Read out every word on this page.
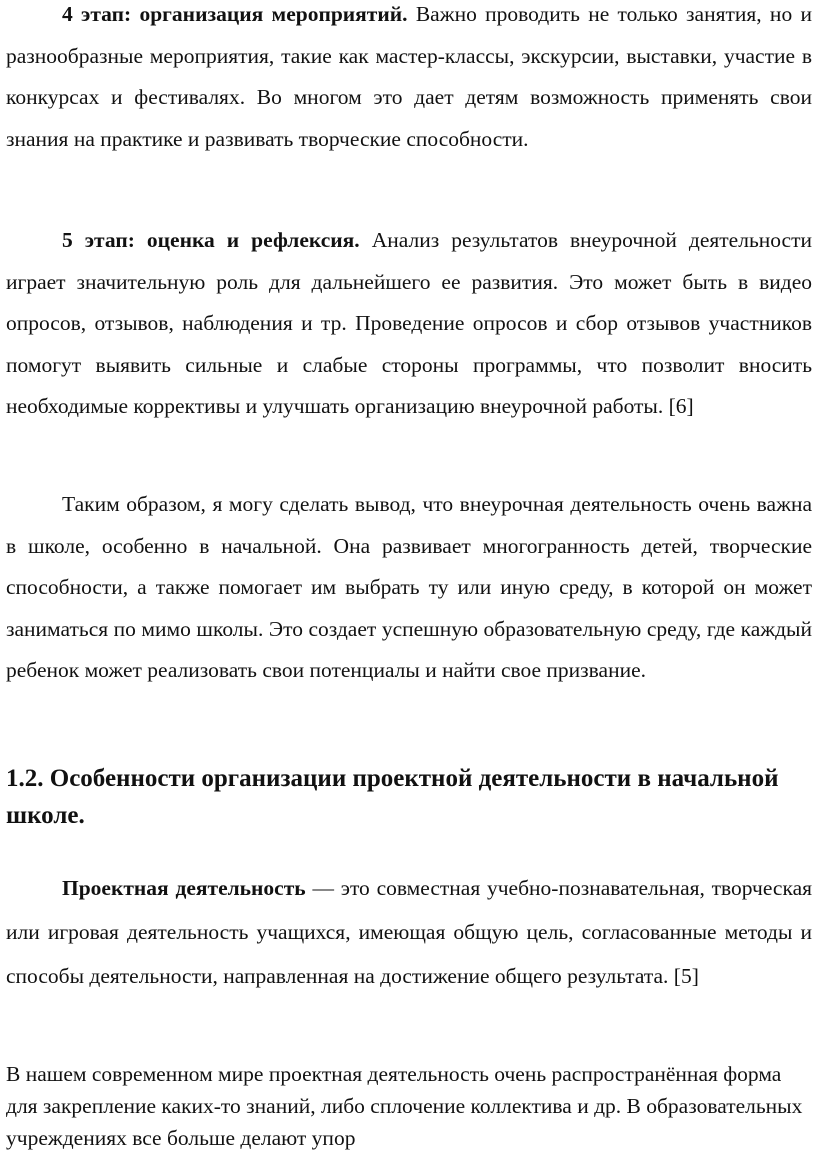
4 этап: организация мероприятий. Важно проводить не только занятия, но и разнообразные мероприятия, такие как мастер-классы, экскурсии, выставки, участие в конкурсах и фестивалях. Во многом это дает детям возможность применять свои знания на практике и развивать творческие способности.

5 этап: оценка и рефлексия. Анализ результатов внеурочной деятельности играет значительную роль для дальнейшего ее развития. Это может быть в видео опросов, отзывов, наблюдения и тр. Проведение опросов и сбор отзывов участников помогут выявить сильные и слабые стороны программы, что позволит вносить необходимые коррективы и улучшать организацию внеурочной работы. [6]

Таким образом, я могу сделать вывод, что внеурочная деятельность очень важна в школе, особенно в начальной. Она развивает многогранность детей, творческие способности, а также помогает им выбрать ту или иную среду, в которой он может заниматься по мимо школы. Это создает успешную образовательную среду, где каждый ребенок может реализовать свои потенциалы и найти свое призвание.

1.2. Особенности организации проектной деятельности в начальной школе.

Проектная деятельность — это совместная учебно-познавательная, творческая или игровая деятельность учащихся, имеющая общую цель, согласованные методы и способы деятельности, направленная на достижение общего результата. [5]

В нашем современном мире проектная деятельность очень распространённая форма для закрепление каких-то знаний, либо сплочение коллектива и др. В образовательных учреждениях все больше делают упор
